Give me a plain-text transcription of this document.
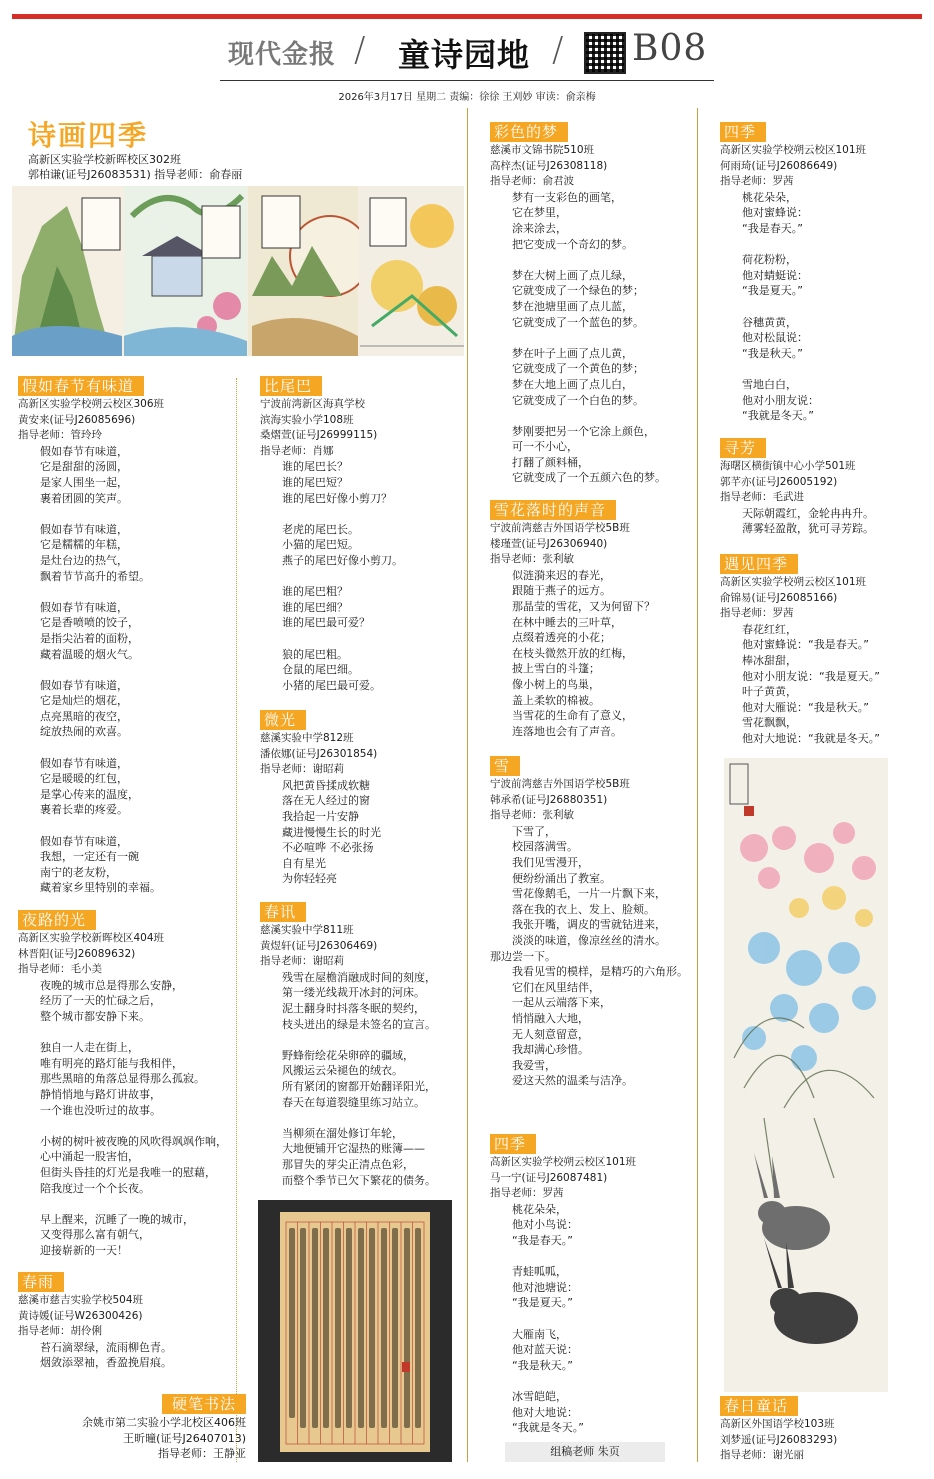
现代金报 / 童诗园地 / B08
2026年3月17日 星期二 责编：徐徐 王刈妙 审读：俞亲梅
诗画四季
高新区实验学校新晖校区302班
郭柏谦(证号J26083531) 指导老师：俞春丽
假如春节有味道
高新区实验学校朔云校区306班
黄安来(证号J26085696)
指导老师：管玲玲
假如春节有味道，
它是甜甜的汤圆，
是家人围坐一起，
裹着团圆的笑声。
假如春节有味道，
它是糯糯的年糕，
是灶台边的热气，
飘着节节高升的希望。
假如春节有味道，
它是香喷喷的饺子，
是指尖沾着的面粉，
藏着温暖的烟火气。
假如春节有味道，
它是灿烂的烟花，
点亮黑暗的夜空，
绽放热闹的欢喜。
假如春节有味道，
它是暖暖的红包，
是掌心传来的温度，
裹着长辈的疼爱。
假如春节有味道，
我想，一定还有一碗
南宁的老友粉，
藏着家乡里特别的幸福。
夜路的光
高新区实验学校新晖校区404班
林晋阳(证号J26089632)
指导老师：毛小美
夜晚的城市总是得那么安静，
经历了一天的忙碌之后，
整个城市都安静下来。
独自一人走在街上，
唯有明亮的路灯能与我相伴，
那些黑暗的角落总显得那么孤寂。
静悄悄地与路灯讲故事，
一个谁也没听过的故事。
小树的树叶被夜晚的风吹得飒飒作响，
心中涌起一股害怕，
但街头昏挂的灯光是我唯一的慰藉，
陪我度过一个个长夜。
早上醒来，沉睡了一晚的城市，
又变得那么富有朝气，
迎接崭新的一天！
春雨
慈溪市慈吉实验学校504班
黄诗媛(证号W26300426)
指导老师：胡伶俐
苔石滴翠绿，流雨柳色青。
烟敛添翠袖，香盈挽眉痕。
硬笔书法
余姚市第二实验小学北校区406班
王昕曈(证号J26407013)
指导老师：王静亚
比尾巴
宁波前湾新区海真学校
滨海实验小学108班
桑熠萱(证号J26999115)
指导老师：肖娜
谁的尾巴长？
谁的尾巴短？
谁的尾巴好像小剪刀？
老虎的尾巴长。
小猫的尾巴短。
燕子的尾巴好像小剪刀。
谁的尾巴粗？
谁的尾巴细？
谁的尾巴最可爱？
狼的尾巴粗。
仓鼠的尾巴细。
小猪的尾巴最可爱。
微光
慈溪实验中学812班
潘依娜(证号J26301854)
指导老师：谢昭莉
风把黄昏揉成软糖
落在无人经过的窗
我拾起一片安静
藏进慢慢生长的时光
不必喧哗 不必张扬
自有星光
为你轻轻亮
春讯
慈溪实验中学811班
黄煜轩(证号J26306469)
指导老师：谢昭莉
残雪在屋檐消融成时间的刻度，
第一缕光线裁开冰封的河床。
泥土翻身时抖落冬眠的契约，
枝头迸出的绿是未签名的宣言。
野蜂衔绘花朵卵碎的疆域，
风搬运云朵褪色的绒衣。
所有紧闭的窗都开始翻译阳光，
春天在每道裂缝里练习站立。
当柳须在溜处修订年轮，
大地便铺开它湿热的账簿——
那冒失的芽尖正清点色彩，
而整个季节已欠下繁花的债务。
彩色的梦
慈溪市文锦书院510班
高梓杰(证号J26308118)
指导老师：俞君波
梦有一支彩色的画笔，
它在梦里，
涂来涂去，
把它变成一个奇幻的梦。
梦在大树上画了点儿绿，
它就变成了一个绿色的梦；
梦在池塘里画了点儿蓝，
它就变成了一个蓝色的梦。
梦在叶子上画了点儿黄，
它就变成了一个黄色的梦；
梦在大地上画了点儿白，
它就变成了一个白色的梦。
梦刚要把另一个它涂上颜色，
可一不小心，
打翻了颜料桶，
它就变成了一个五颜六色的梦。
雪花落时的声音
宁波前湾慈吉外国语学校5B班
楼瑾萱(证号J26306940)
指导老师：张利敏
似涟漪来迟的春光，
跟随于燕子的远方。
那晶莹的雪花，又为何留下？
在林中睡去的三叶草，
点缀着透亮的小花；
在枝头微然开放的红梅，
披上雪白的斗篷；
像小树上的鸟巢，
盖上柔软的棉被。
当雪花的生命有了意义，
连落地也会有了声音。
雪
宁波前湾慈吉外国语学校5B班
韩承希(证号J26880351)
指导老师：张利敏
下雪了，
校园落满雪。
我们见雪漫开，
便纷纷涌出了教室。
雪花像鹅毛，一片一片飘下来，
落在我的衣上、发上、脸颊。
我张开嘴，调皮的雪就钻进来，
淡淡的味道，像凉丝丝的清水。
那边尝一下。
我看见雪的模样，是精巧的六角形。
它们在风里结伴，
一起从云端落下来，
悄悄融入大地，
无人刻意留意，
我却满心珍惜。
我爱雪，
爱这天然的温柔与洁净。
四季
高新区实验学校朔云校区101班
马一宁(证号J26087481)
指导老师：罗茜
桃花朵朵，
他对小鸟说：
“我是春天。”
青蛙呱呱，
他对池塘说：
“我是夏天。”
大雁南飞，
他对蓝天说：
“我是秋天。”
冰雪皑皑，
他对大地说：
“我就是冬天。”
组稿老师 朱页
四季
高新区实验学校朔云校区101班
何雨琦(证号J26086649)
指导老师：罗茜
桃花朵朵，
他对蜜蜂说：
“我是春天。”
荷花粉粉，
他对蜻蜓说：
“我是夏天。”
谷穗黄黄，
他对松鼠说：
“我是秋天。”
雪地白白，
他对小朋友说：
“我就是冬天。”
寻芳
海曙区横街镇中心小学501班
郭芊亦(证号J26005192)
指导老师：毛武进
天际朝霞红，金轮冉冉升。
薄雾轻盈散，犹可寻芳踪。
遇见四季
高新区实验学校朔云校区101班
俞锦易(证号J26085166)
指导老师：罗茜
春花红红，
他对蜜蜂说：“我是春天。”
棒冰甜甜，
他对小朋友说：“我是夏天。”
叶子黄黄，
他对大雁说：“我是秋天。”
雪花飘飘，
他对大地说：“我就是冬天。”
春日童话
高新区外国语学校103班
刘梦遥(证号J26083293)
指导老师：谢光丽
